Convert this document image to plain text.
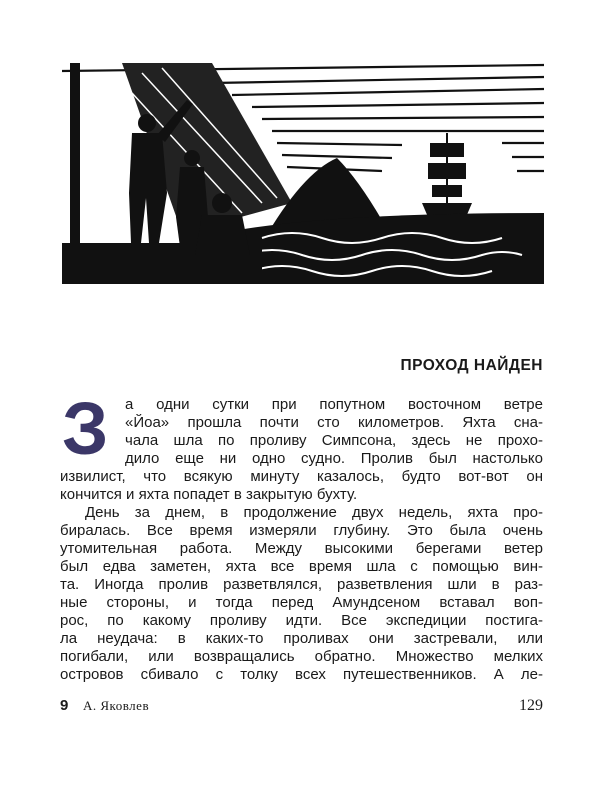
ПРОХОД НАЙДЕН
З а одни сутки при попутном восточном ветре
«Йоа» прошла почти сто километров. Яхта сна-
чала шла по проливу Симпсона, здесь не прохо-
дило еще ни одно судно. Пролив был настолько
извилист, что всякую минуту казалось, будто вот-вот он
кончится и яхта попадет в закрытую бухту.
День за днем, в продолжение двух недель, яхта про-
биралась. Все время измеряли глубину. Это была очень
утомительная работа. Между высокими берегами ветер
был едва заметен, яхта все время шла с помощью вин-
та. Иногда пролив разветвлялся, разветвления шли в раз-
ные стороны, и тогда перед Амундсеном вставал воп-
рос, по какому проливу идти. Все экспедиции постига-
ла неудача: в каких-то проливах они застревали, или
погибали, или возвращались обратно. Множество мелких
островов сбивало с толку всех путешественников. А ле-
9 А. Яковлев	129
